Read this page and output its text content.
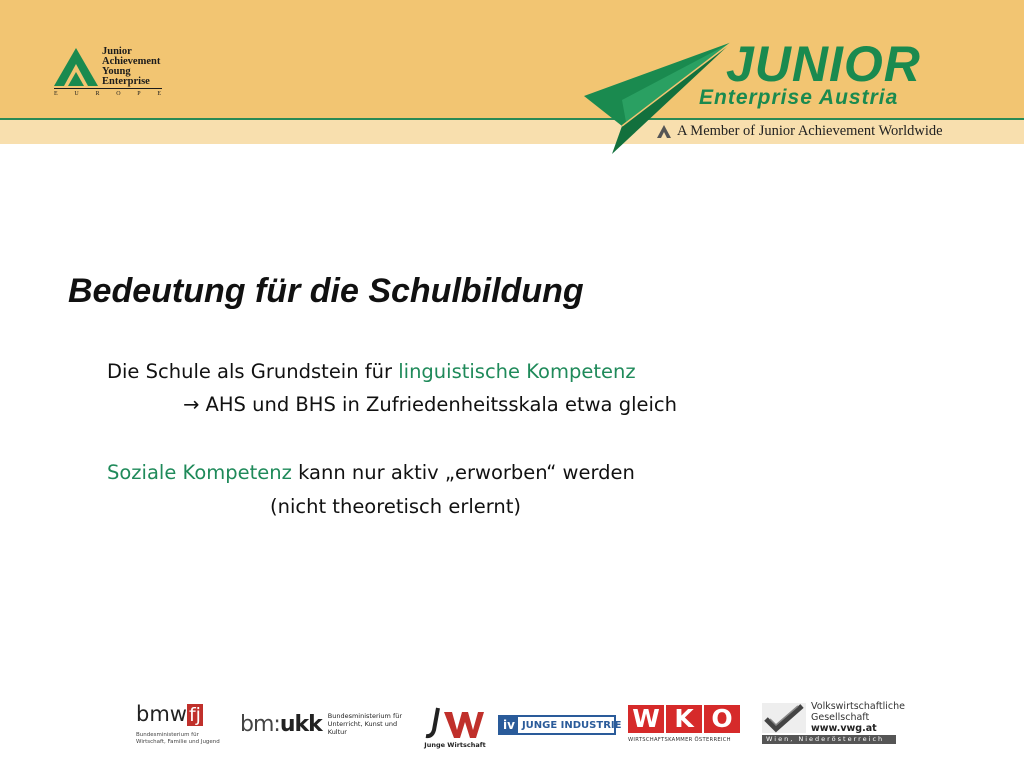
Junior
Achievement
Young
Enterprise
E	U	R	O	P	E
JUNIOR
Enterprise Austria
A Member of Junior Achievement Worldwide
Bedeutung für die Schulbildung
Die Schule als Grundstein für linguistische Kompetenz
→ AHS und BHS in Zufriedenheitsskala etwa gleich
Soziale Kompetenz kann nur aktiv „erworben“ werden
(nicht theoretisch erlernt)
bmw fj
Bundesministerium für
Wirtschaft, Familie und Jugend
bm:ukk Bundesministerium für
Unterricht, Kunst und Kultur
Junge Wirtschaft
iv JUNGE INDUSTRIE W K O
WIRTSCHAFTSKAMMER ÖSTERREICH
Volkswirtschaftliche
Gesellschaft
www.vwg.at
Wien, Niederösterreich
